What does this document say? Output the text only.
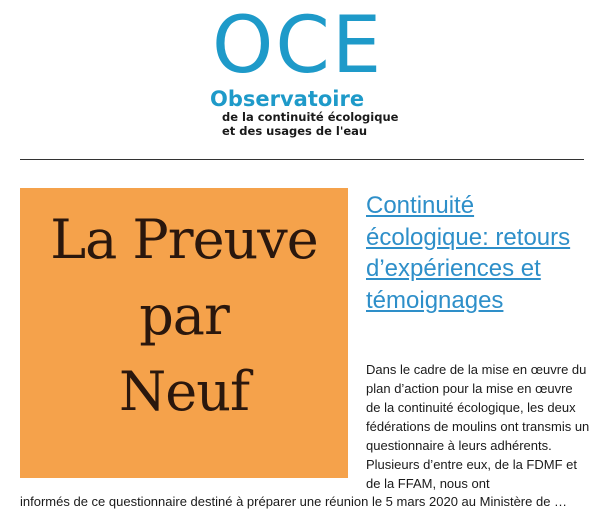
OCE
Observatoire
de la continuité écologique
et des usages de l'eau
La Preuve
par
Neuf
Continuité écologique: retours d’expériences et témoignages
Dans le cadre de la mise en œuvre du plan d’action pour la mise en œuvre de la continuité écologique, les deux fédérations de moulins ont transmis un questionnaire à leurs adhérents. Plusieurs d’entre eux, de la FDMF et de la FFAM, nous ont
informés de ce questionnaire destiné à préparer une réunion le 5 mars 2020 au Ministère de …
